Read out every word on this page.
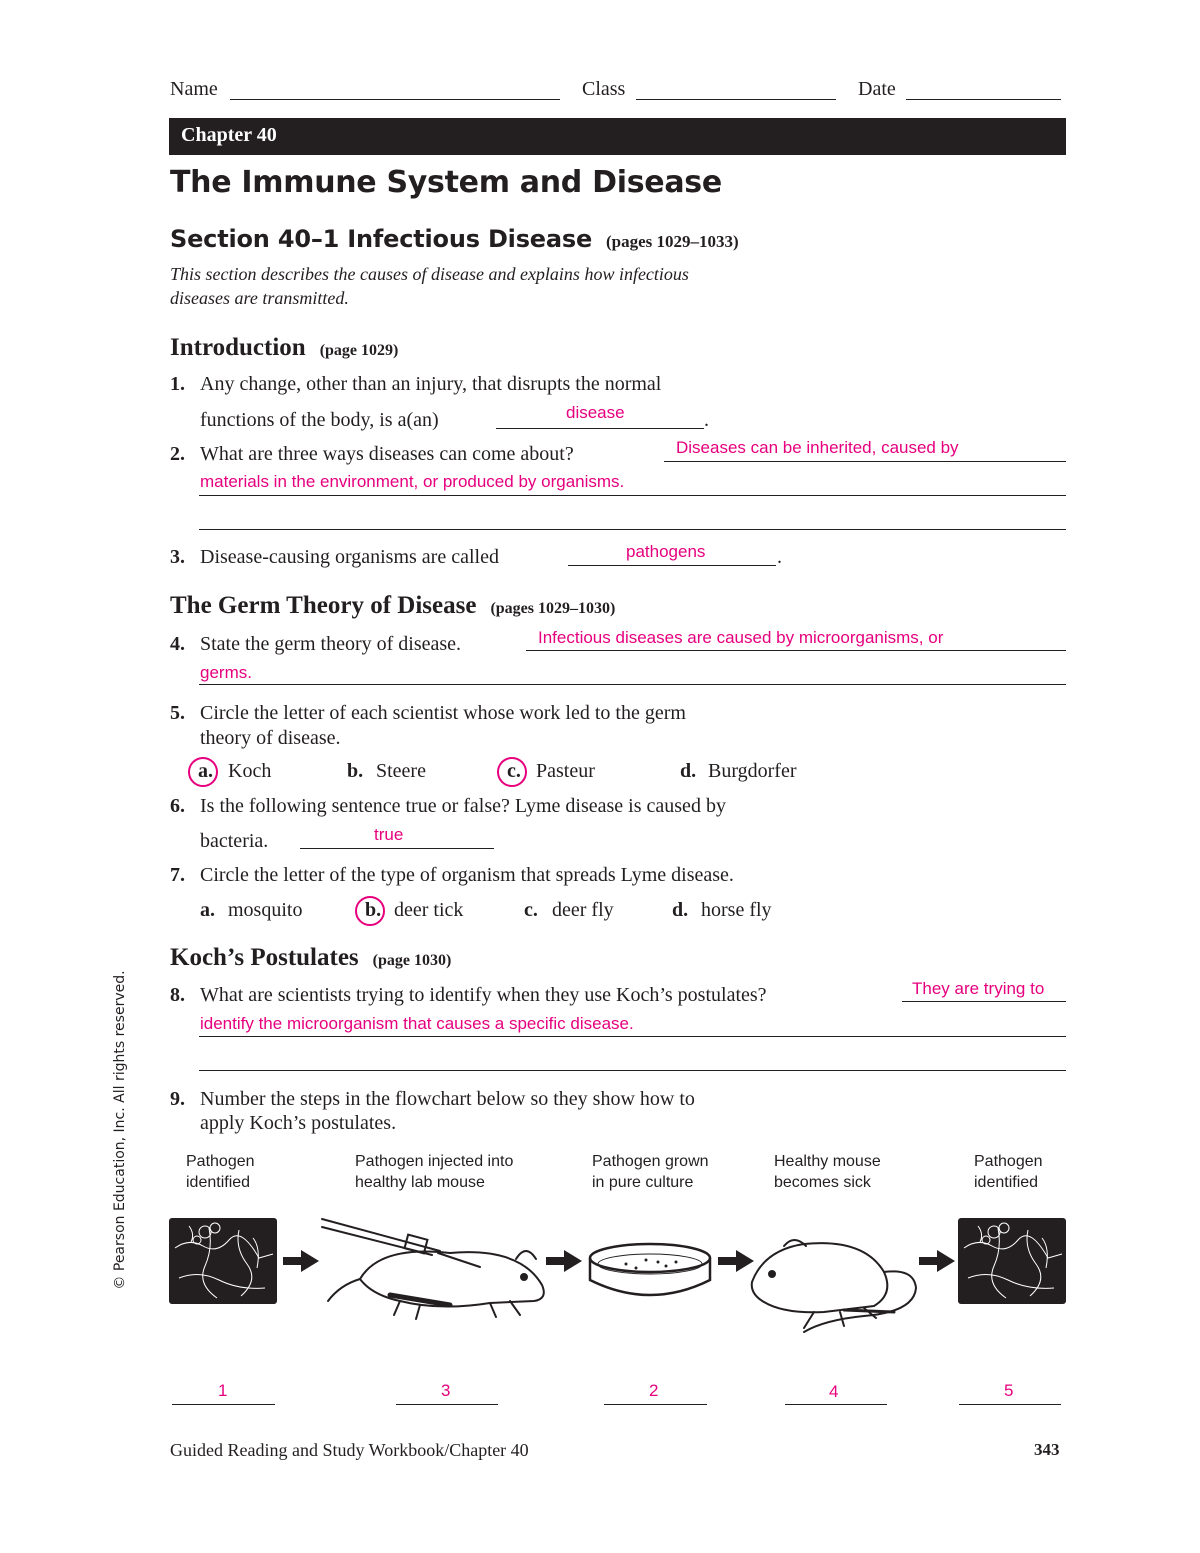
Name	Class	Date
Chapter 40
The Immune System and Disease
Section 40–1 Infectious Disease (pages 1029–1033)
This section describes the causes of disease and explains how infectious
diseases are transmitted.
Introduction (page 1029)
1. Any change, other than an injury, that disrupts the normal
functions of the body, is a(an)	disease	.
2. What are three ways diseases can come about?	Diseases can be inherited, caused by
materials in the environment, or produced by organisms.
3. Disease-causing organisms are called	pathogens	.
The Germ Theory of Disease (pages 1029–1030)
4. State the germ theory of disease.	Infectious diseases are caused by microorganisms, or
germs.
5. Circle the letter of each scientist whose work led to the germ
theory of disease.
a. Koch	b. Steere	c. Pasteur	d. Burgdorfer
6. Is the following sentence true or false? Lyme disease is caused by
bacteria.	true
7. Circle the letter of the type of organism that spreads Lyme disease.
a. mosquito	b. deer tick	c. deer fly	d. horse fly
Koch’s Postulates (page 1030)
8. What are scientists trying to identify when they use Koch’s postulates?	They are trying to
identify the microorganism that causes a specific disease.
9. Number the steps in the flowchart below so they show how to
apply Koch’s postulates.
Pathogen
identified
Pathogen injected into
healthy lab mouse
Pathogen grown
in pure culture
Healthy mouse
becomes sick
Pathogen
identified
1	3	2	4	5
© Pearson Education, Inc. All rights reserved.
Guided Reading and Study Workbook/Chapter 40	343
